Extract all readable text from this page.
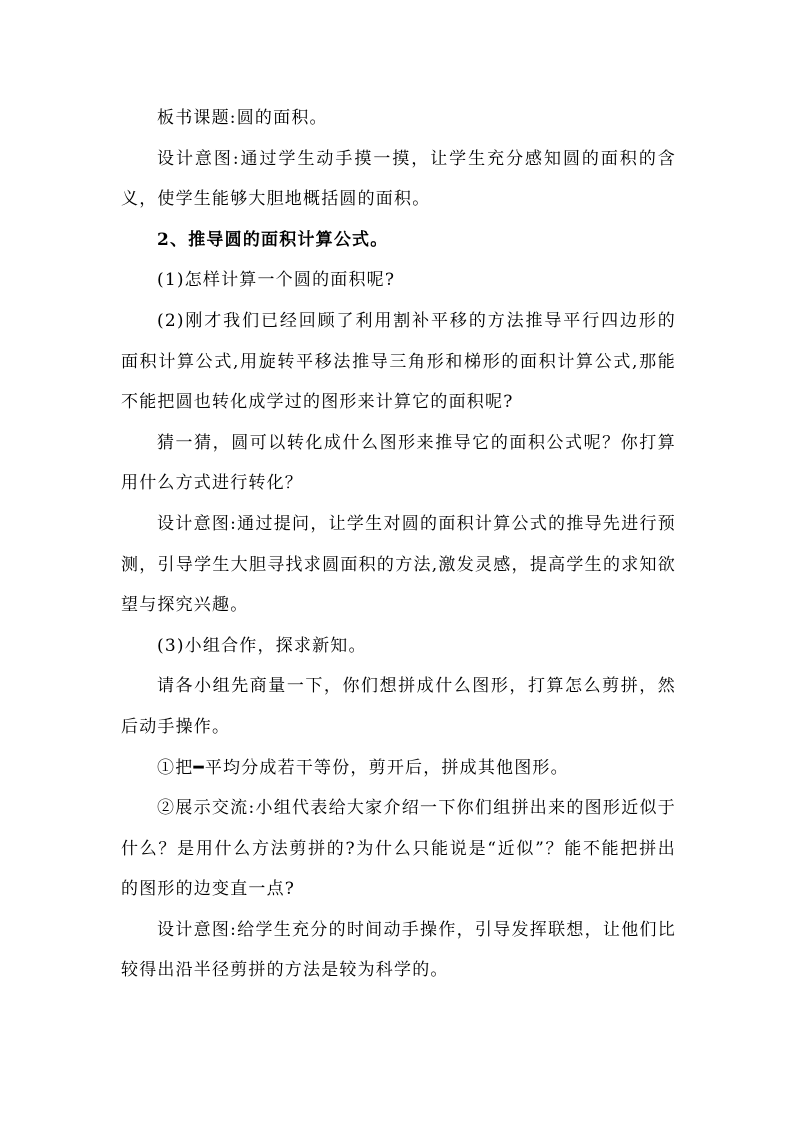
板书课题:圆的面积。

设计意图:通过学生动手摸一摸，让学生充分感知圆的面积的含义，使学生能够大胆地概括圆的面积。

2、推导圆的面积计算公式。

(1)怎样计算一个圆的面积呢?

(2)刚才我们已经回顾了利用割补平移的方法推导平行四边形的面积计算公式,用旋转平移法推导三角形和梯形的面积计算公式,那能不能把圆也转化成学过的图形来计算它的面积呢?

猜一猜，圆可以转化成什么图形来推导它的面积公式呢？你打算用什么方式进行转化？

设计意图:通过提问，让学生对圆的面积计算公式的推导先进行预测，引导学生大胆寻找求圆面积的方法,激发灵感，提高学生的求知欲望与探究兴趣。

(3)小组合作，探求新知。

请各小组先商量一下，你们想拼成什么图形，打算怎么剪拼，然后动手操作。

①把━平均分成若干等份，剪开后，拼成其他图形。

②展示交流:小组代表给大家介绍一下你们组拼出来的图形近似于什么？是用什么方法剪拼的?为什么只能说是“近似”？能不能把拼出的图形的边变直一点?

设计意图:给学生充分的时间动手操作，引导发挥联想，让他们比较得出沿半径剪拼的方法是较为科学的。
